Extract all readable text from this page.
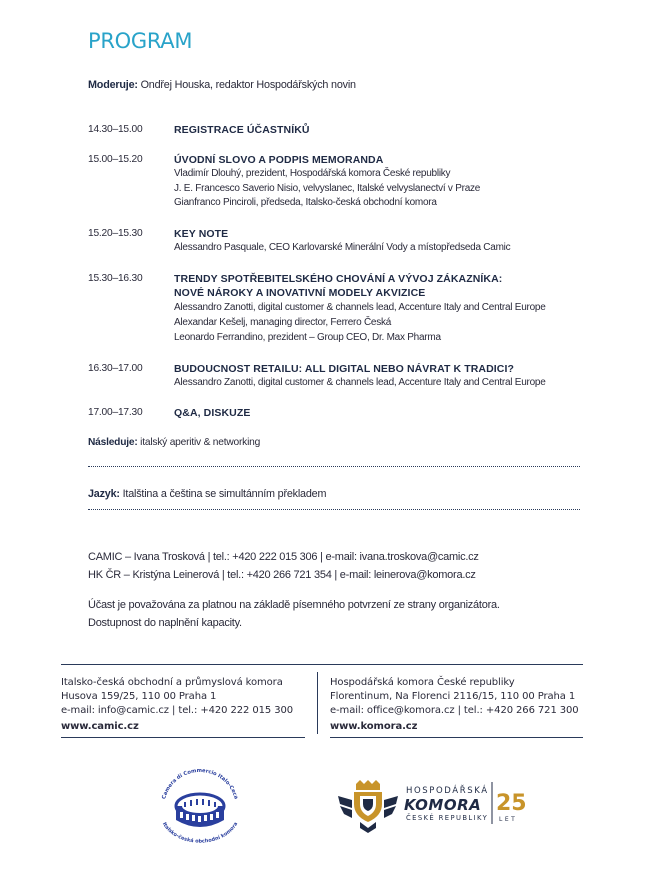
PROGRAM
Moderuje: Ondřej Houska, redaktor Hospodářských novin
14.30–15.00	REGISTRACE ÚČASTNÍKŮ
15.00–15.20	ÚVODNÍ SLOVO A PODPIS MEMORANDA
Vladimír Dlouhý, prezident, Hospodářská komora České republiky
J. E. Francesco Saverio Nisio, velvyslanec, Italské velvyslanectví v Praze
Gianfranco Pinciroli, předseda, Italsko-česká obchodní komora
15.20–15.30	KEY NOTE
Alessandro Pasquale, CEO Karlovarské Minerální Vody a místopředseda Camic
15.30–16.30	TRENDY SPOTŘEBITELSKÉHO CHOVÁNÍ A VÝVOJ ZÁKAZNÍKA:
NOVÉ NÁROKY A INOVATIVNÍ MODELY AKVIZICE
Alessandro Zanotti, digital customer & channels lead, Accenture Italy and Central Europe
Alexandar Kešelj, managing director, Ferrero Česká
Leonardo Ferrandino, prezident – Group CEO, Dr. Max Pharma
16.30–17.00	BUDOUCNOST RETAILU: ALL DIGITAL NEBO NÁVRAT K TRADICI?
Alessandro Zanotti, digital customer & channels lead, Accenture Italy and Central Europe
17.00–17.30	Q&A, DISKUZE
Následuje: italský aperitiv & networking
Jazyk: Italština a čeština se simultánním překladem
CAMIC – Ivana Trosková | tel.: +420 222 015 306 | e-mail: ivana.troskova@camic.cz
HK ČR – Kristýna Leinerová | tel.: +420 266 721 354 | e-mail: leinerova@komora.cz
Účast je považována za platnou na základě písemného potvrzení ze strany organizátora.
Dostupnost do naplnění kapacity.
Italsko-česká obchodní a průmyslová komora
Husova 159/25, 110 00 Praha 1
e-mail: info@camic.cz | tel.: +420 222 015 300
www.camic.cz
Hospodářská komora České republiky
Florentinum, Na Florenci 2116/15, 110 00 Praha 1
e-mail: office@komora.cz | tel.: +420 266 721 300
www.komora.cz
Camera di Commercio Italo-Ceca
Italsko-česká obchodní komora
HOSPODÁŘSKÁ
KOMORA
ČESKÉ REPUBLIKY
25
LET
